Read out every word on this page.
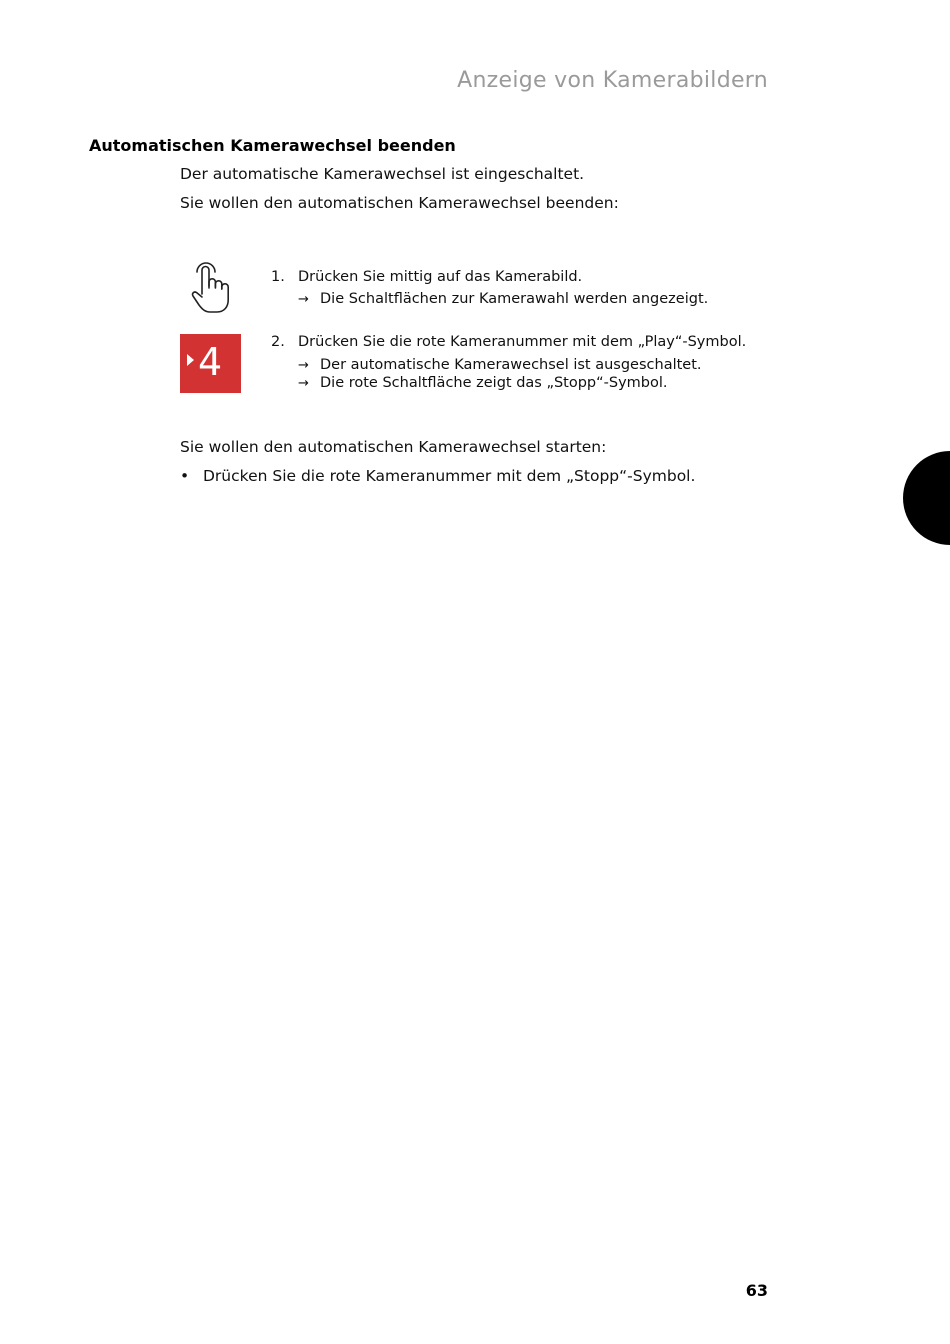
Anzeige von Kamerabildern
Automatischen Kamerawechsel beenden
Der automatische Kamerawechsel ist eingeschaltet.
Sie wollen den automatischen Kamerawechsel beenden:
4
1. Drücken Sie mittig auf das Kamerabild.
→ Die Schaltflächen zur Kamerawahl werden angezeigt.
2. Drücken Sie die rote Kameranummer mit dem „Play“-Symbol.
→ Der automatische Kamerawechsel ist ausgeschaltet.
→ Die rote Schaltfläche zeigt das „Stopp“-Symbol.
Sie wollen den automatischen Kamerawechsel starten:
• Drücken Sie die rote Kameranummer mit dem „Stopp“-Symbol.
63
